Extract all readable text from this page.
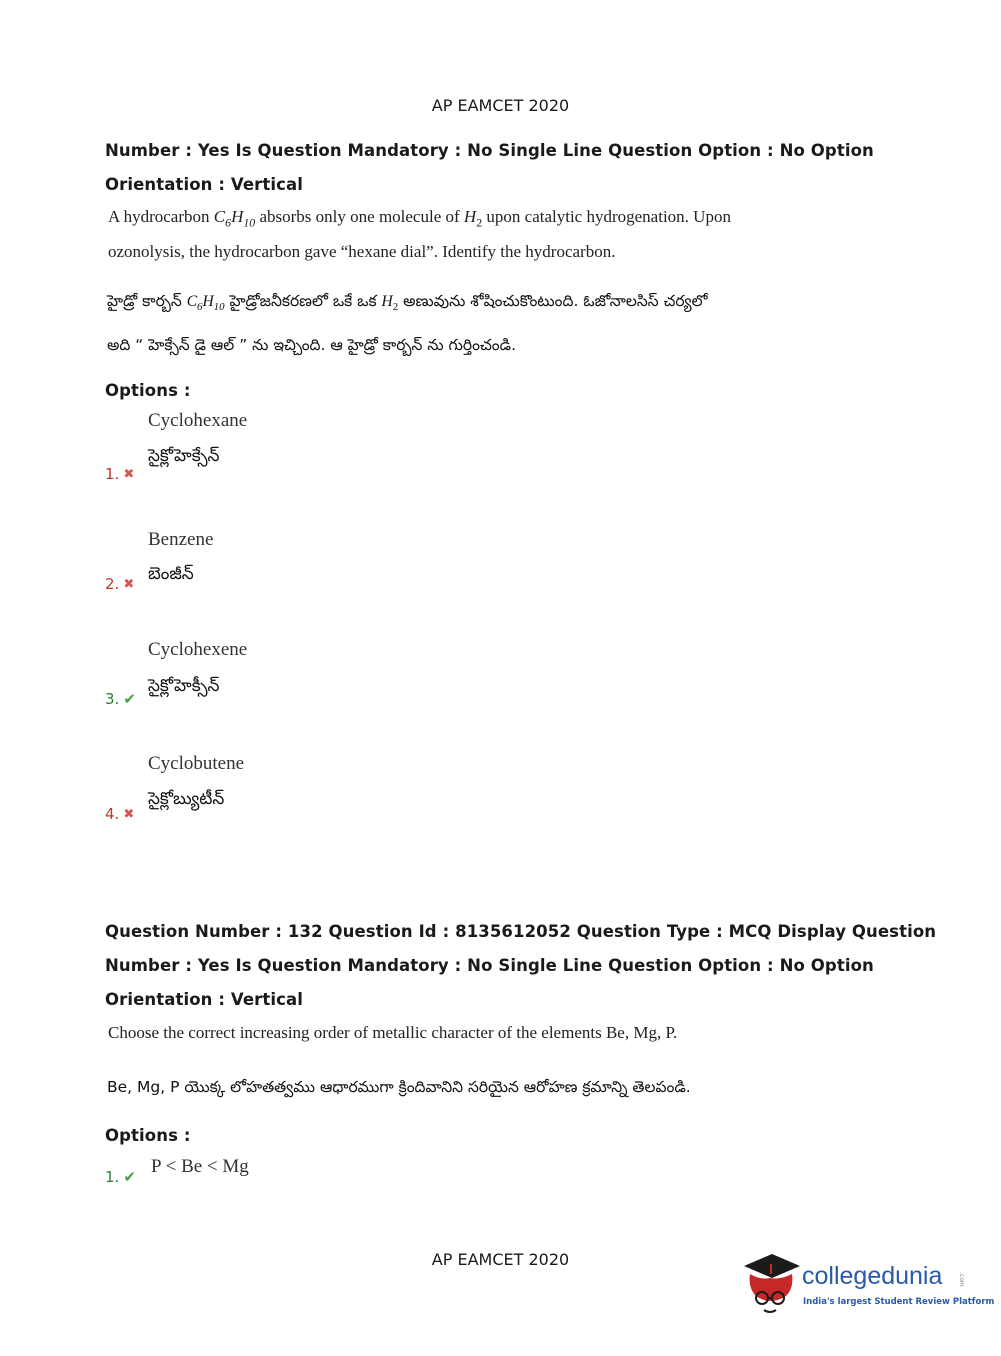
AP EAMCET 2020
Number : Yes Is Question Mandatory : No Single Line Question Option : No Option
Orientation : Vertical
A hydrocarbon $C_6H_{10}$ absorbs only one molecule of $H_2$ upon catalytic hydrogenation. Upon
ozonolysis, the hydrocarbon gave “hexane dial”. Identify the hydrocarbon.
హైడ్రో కార్బన్ $C_6H_{10}$ హైడ్రోజనీకరణలో ఒకే ఒక $H_2$ అణువును శోషించుకొంటుంది. ఓజోనాలసిస్ చర్యలో
అది “ హెక్సేన్ డై ఆల్ ” ను ఇచ్చింది. ఆ హైడ్రో కార్బన్ ను గుర్తించండి.
Options :
Cyclohexane
సైక్లోహెక్సేన్
1. ✖
Benzene
బెంజీన్
2. ✖
Cyclohexene
సైక్లోహెక్సీన్
3. ✔
Cyclobutene
సైక్లోబ్యుటీన్
4. ✖
Question Number : 132 Question Id : 8135612052 Question Type : MCQ Display Question
Number : Yes Is Question Mandatory : No Single Line Question Option : No Option
Orientation : Vertical
Choose the correct increasing order of metallic character of the elements Be, Mg, P.
Be, Mg, P యొక్క లోహతత్వము ఆధారముగా క్రిందివానిని సరియైన ఆరోహణ క్రమాన్ని తెలపండి.
Options :
P < Be < Mg
1. ✔
AP EAMCET 2020
collegedunia	.com
India's largest Student Review Platform
